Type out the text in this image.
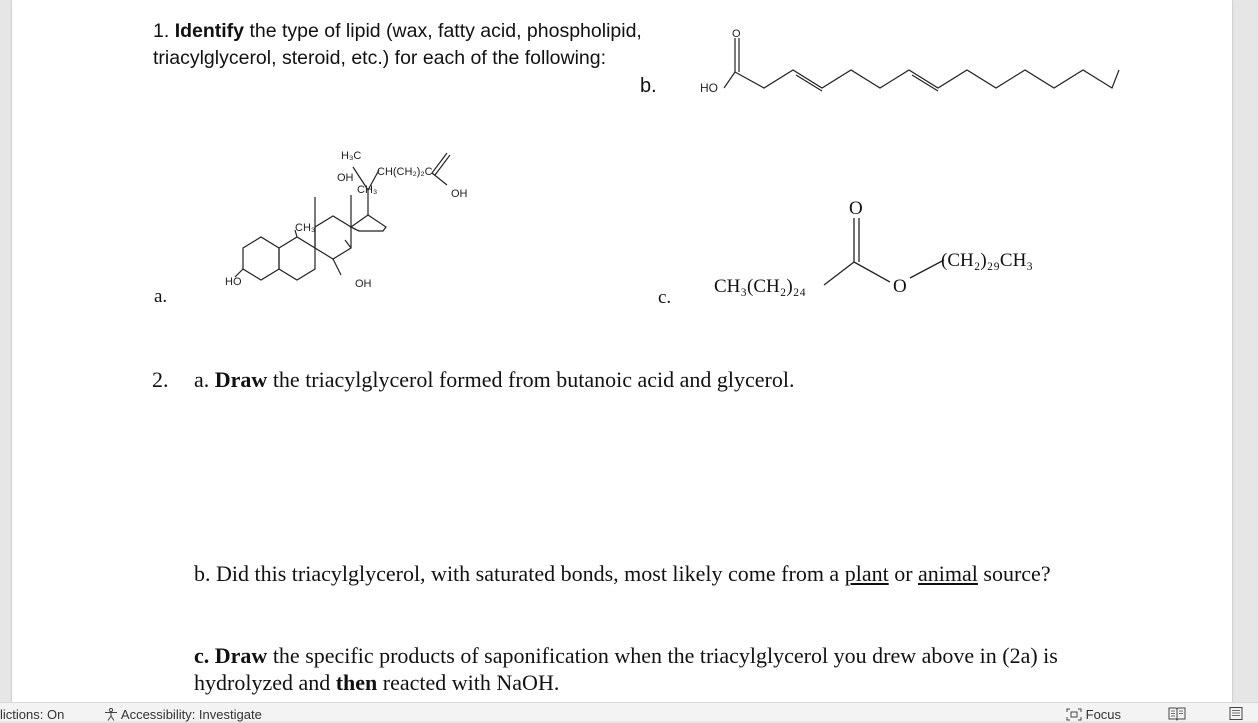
1. Identify the type of lipid (wax, fatty acid, phospholipid, triacylglycerol, steroid, etc.) for each of the following:
b.
a.	c.
HO
O
H₃C
CH(CH₂)₂C
OH
CH₃	OH
CH₃
HO	OH	CH₃(CH₂)₂₄
(CH₂)₂₉CH₃
O
O
2. a. Draw the triacylglycerol formed from butanoic acid and glycerol.
b. Did this triacylglycerol, with saturated bonds, most likely come from a plant or animal source?
c. Draw the specific products of saponification when the triacylglycerol you drew above in (2a) is hydrolyzed and then reacted with NaOH.
lictions: On	Accessibility: Investigate	Focus
